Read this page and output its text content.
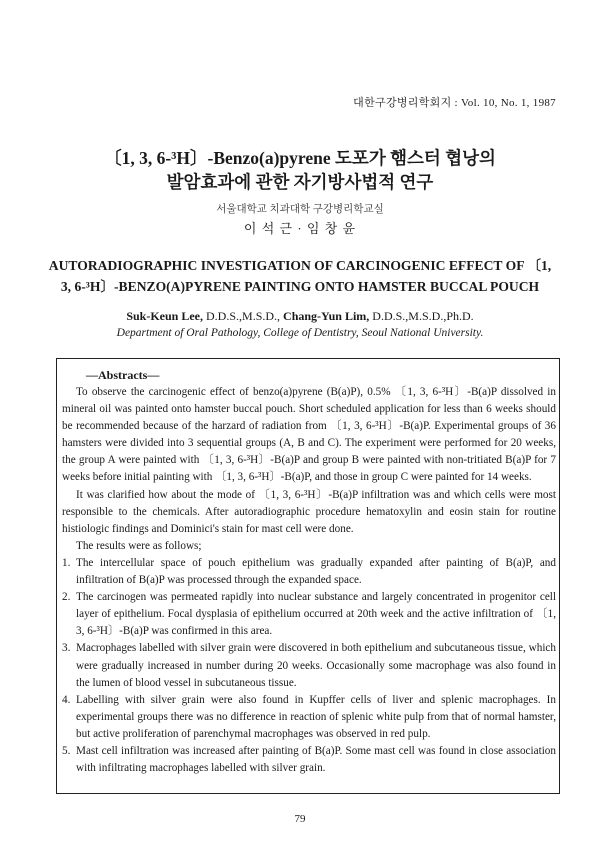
대한구강병리학회지 : Vol. 10, No. 1, 1987
〔1, 3, 6-³H〕-Benzo(a)pyrene 도포가 햄스터 협낭의
발암효과에 관한 자기방사법적 연구
서울대학교 치과대학 구강병리학교실
이 석 근 · 임 창 윤
AUTORADIOGRAPHIC INVESTIGATION OF CARCINOGENIC EFFECT OF 〔1,
3, 6-³H〕-BENZO(A)PYRENE PAINTING ONTO HAMSTER BUCCAL POUCH
Suk-Keun Lee, D.D.S.,M.S.D., Chang-Yun Lim, D.D.S.,M.S.D.,Ph.D.
Department of Oral Pathology, College of Dentistry, Seoul National University.
—Abstracts—

To observe the carcinogenic effect of benzo(a)pyrene (B(a)P), 0.5% 〔1, 3, 6-³H〕-B(a)P dissolved in mineral oil was painted onto hamster buccal pouch. Short scheduled application for less than 6 weeks should be recommended because of the harzard of radiation from 〔1, 3, 6-³H〕-B(a)P. Experimental groups of 36 hamsters were divided into 3 sequential groups (A, B and C). The experiment were performed for 20 weeks, the group A were painted with 〔1, 3, 6-³H〕-B(a)P and group B were painted with non-tritiated B(a)P for 7 weeks before initial painting with 〔1, 3, 6-³H〕-B(a)P, and those in group C were painted for 14 weeks.

It was clarified how about the mode of 〔1, 3, 6-³H〕-B(a)P infiltration was and which cells were most responsible to the chemicals. After autoradiographic procedure hematoxylin and eosin stain for routine histiologic findings and Dominici's stain for mast cell were done.

The results were as follows;

1. The intercellular space of pouch epithelium was gradually expanded after painting of B(a)P, and infiltration of B(a)P was processed through the expanded space.
2. The carcinogen was permeated rapidly into nuclear substance and largely concentrated in progenitor cell layer of epithelium. Focal dysplasia of epithelium occurred at 20th week and the active infiltration of 〔1, 3, 6-³H〕-B(a)P was confirmed in this area.
3. Macrophages labelled with silver grain were discovered in both epithelium and subcutaneous tissue, which were gradually increased in number during 20 weeks. Occasionally some macrophage was also found in the lumen of blood vessel in subcutaneous tissue.
4. Labelling with silver grain were also found in Kupffer cells of liver and splenic macrophages. In experimental groups there was no difference in reaction of splenic white pulp from that of normal hamster, but active proliferation of parenchymal macrophages was observed in red pulp.
5. Mast cell infiltration was increased after painting of B(a)P. Some mast cell was found in close association with infiltrating macrophages labelled with silver grain.
79
